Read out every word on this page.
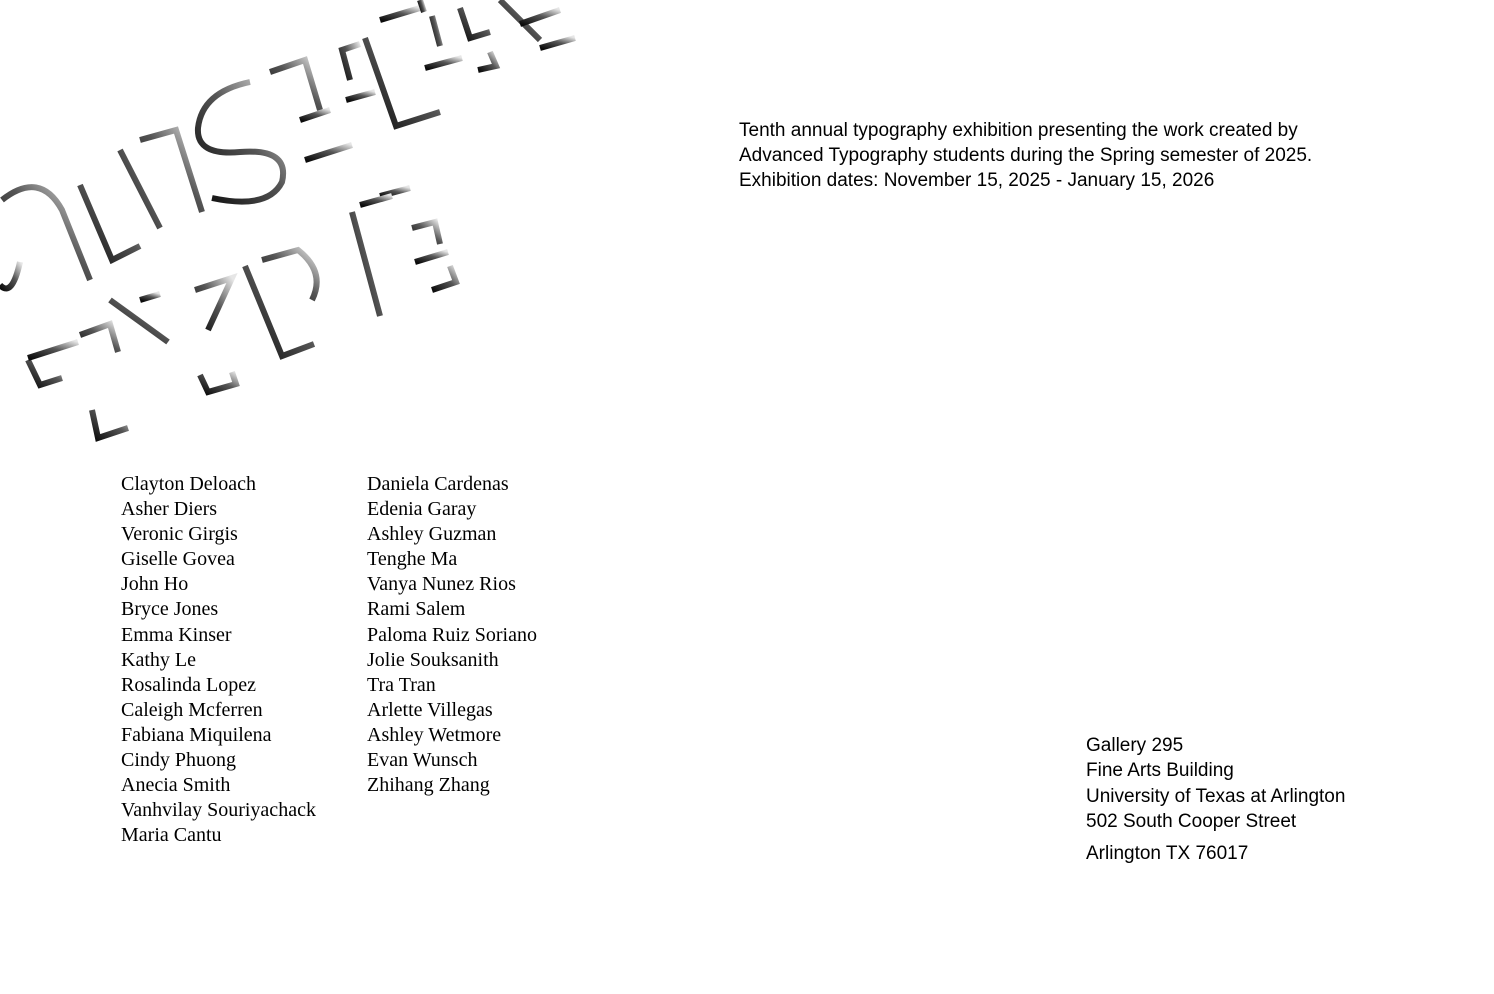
Tenth annual typography exhibition presenting the work created by
Advanced Typography students during the Spring semester of 2025.
Exhibition dates: November 15, 2025 - January 15, 2026
Clayton Deloach
Asher Diers
Veronic Girgis
Giselle Govea
John Ho
Bryce Jones
Emma Kinser
Kathy Le
Rosalinda Lopez
Caleigh Mcferren
Fabiana Miquilena
Cindy Phuong
Anecia Smith
Vanhvilay Souriyachack
Maria Cantu
Daniela Cardenas
Edenia Garay
Ashley Guzman
Tenghe Ma
Vanya Nunez Rios
Rami Salem
Paloma Ruiz Soriano
Jolie Souksanith
Tra Tran
Arlette Villegas
Ashley Wetmore
Evan Wunsch
Zhihang Zhang
Gallery 295
Fine Arts Building
University of Texas at Arlington
502 South Cooper Street
Arlington TX 76017
